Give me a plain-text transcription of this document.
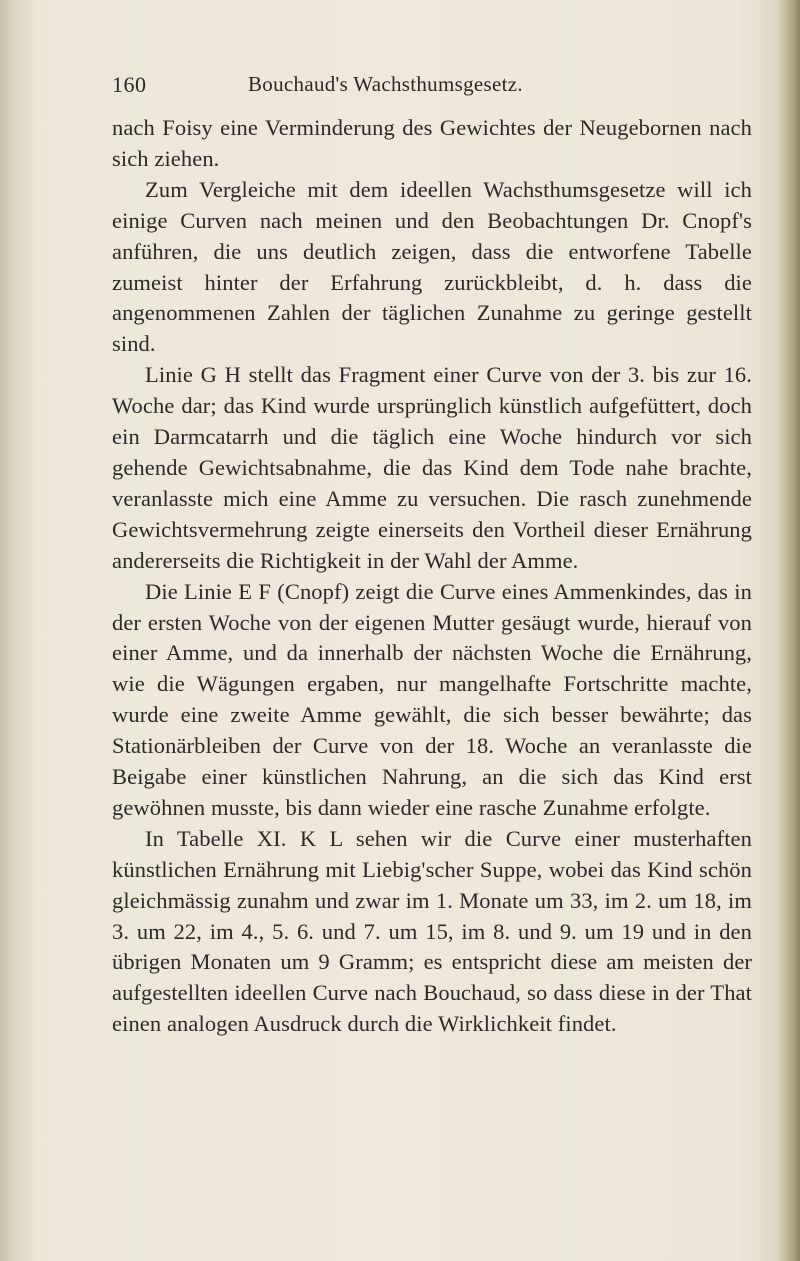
160	Bouchaud's Wachsthumsgesetz.

nach Foisy eine Verminderung des Gewichtes der Neugebornen nach sich ziehen.

Zum Vergleiche mit dem ideellen Wachsthumsgesetze will ich einige Curven nach meinen und den Beobachtungen Dr. Cnopf's anführen, die uns deutlich zeigen, dass die entworfene Tabelle zumeist hinter der Erfahrung zurückbleibt, d. h. dass die angenommenen Zahlen der täglichen Zunahme zu geringe gestellt sind.

Linie G H stellt das Fragment einer Curve von der 3. bis zur 16. Woche dar; das Kind wurde ursprünglich künstlich aufgefüttert, doch ein Darmcatarrh und die täglich eine Woche hindurch vor sich gehende Gewichtsabnahme, die das Kind dem Tode nahe brachte, veranlasste mich eine Amme zu versuchen. Die rasch zunehmende Gewichtsvermehrung zeigte einerseits den Vortheil dieser Ernährung andererseits die Richtigkeit in der Wahl der Amme.

Die Linie E F (Cnopf) zeigt die Curve eines Ammenkindes, das in der ersten Woche von der eigenen Mutter gesäugt wurde, hierauf von einer Amme, und da innerhalb der nächsten Woche die Ernährung, wie die Wägungen ergaben, nur mangelhafte Fortschritte machte, wurde eine zweite Amme gewählt, die sich besser bewährte; das Stationärbleiben der Curve von der 18. Woche an veranlasste die Beigabe einer künstlichen Nahrung, an die sich das Kind erst gewöhnen musste, bis dann wieder eine rasche Zunahme erfolgte.

In Tabelle XI. K L sehen wir die Curve einer musterhaften künstlichen Ernährung mit Liebig'scher Suppe, wobei das Kind schön gleichmässig zunahm und zwar im 1. Monate um 33, im 2. um 18, im 3. um 22, im 4., 5. 6. und 7. um 15, im 8. und 9. um 19 und in den übrigen Monaten um 9 Gramm; es entspricht diese am meisten der aufgestellten ideellen Curve nach Bouchaud, so dass diese in der That einen analogen Ausdruck durch die Wirklichkeit findet.
